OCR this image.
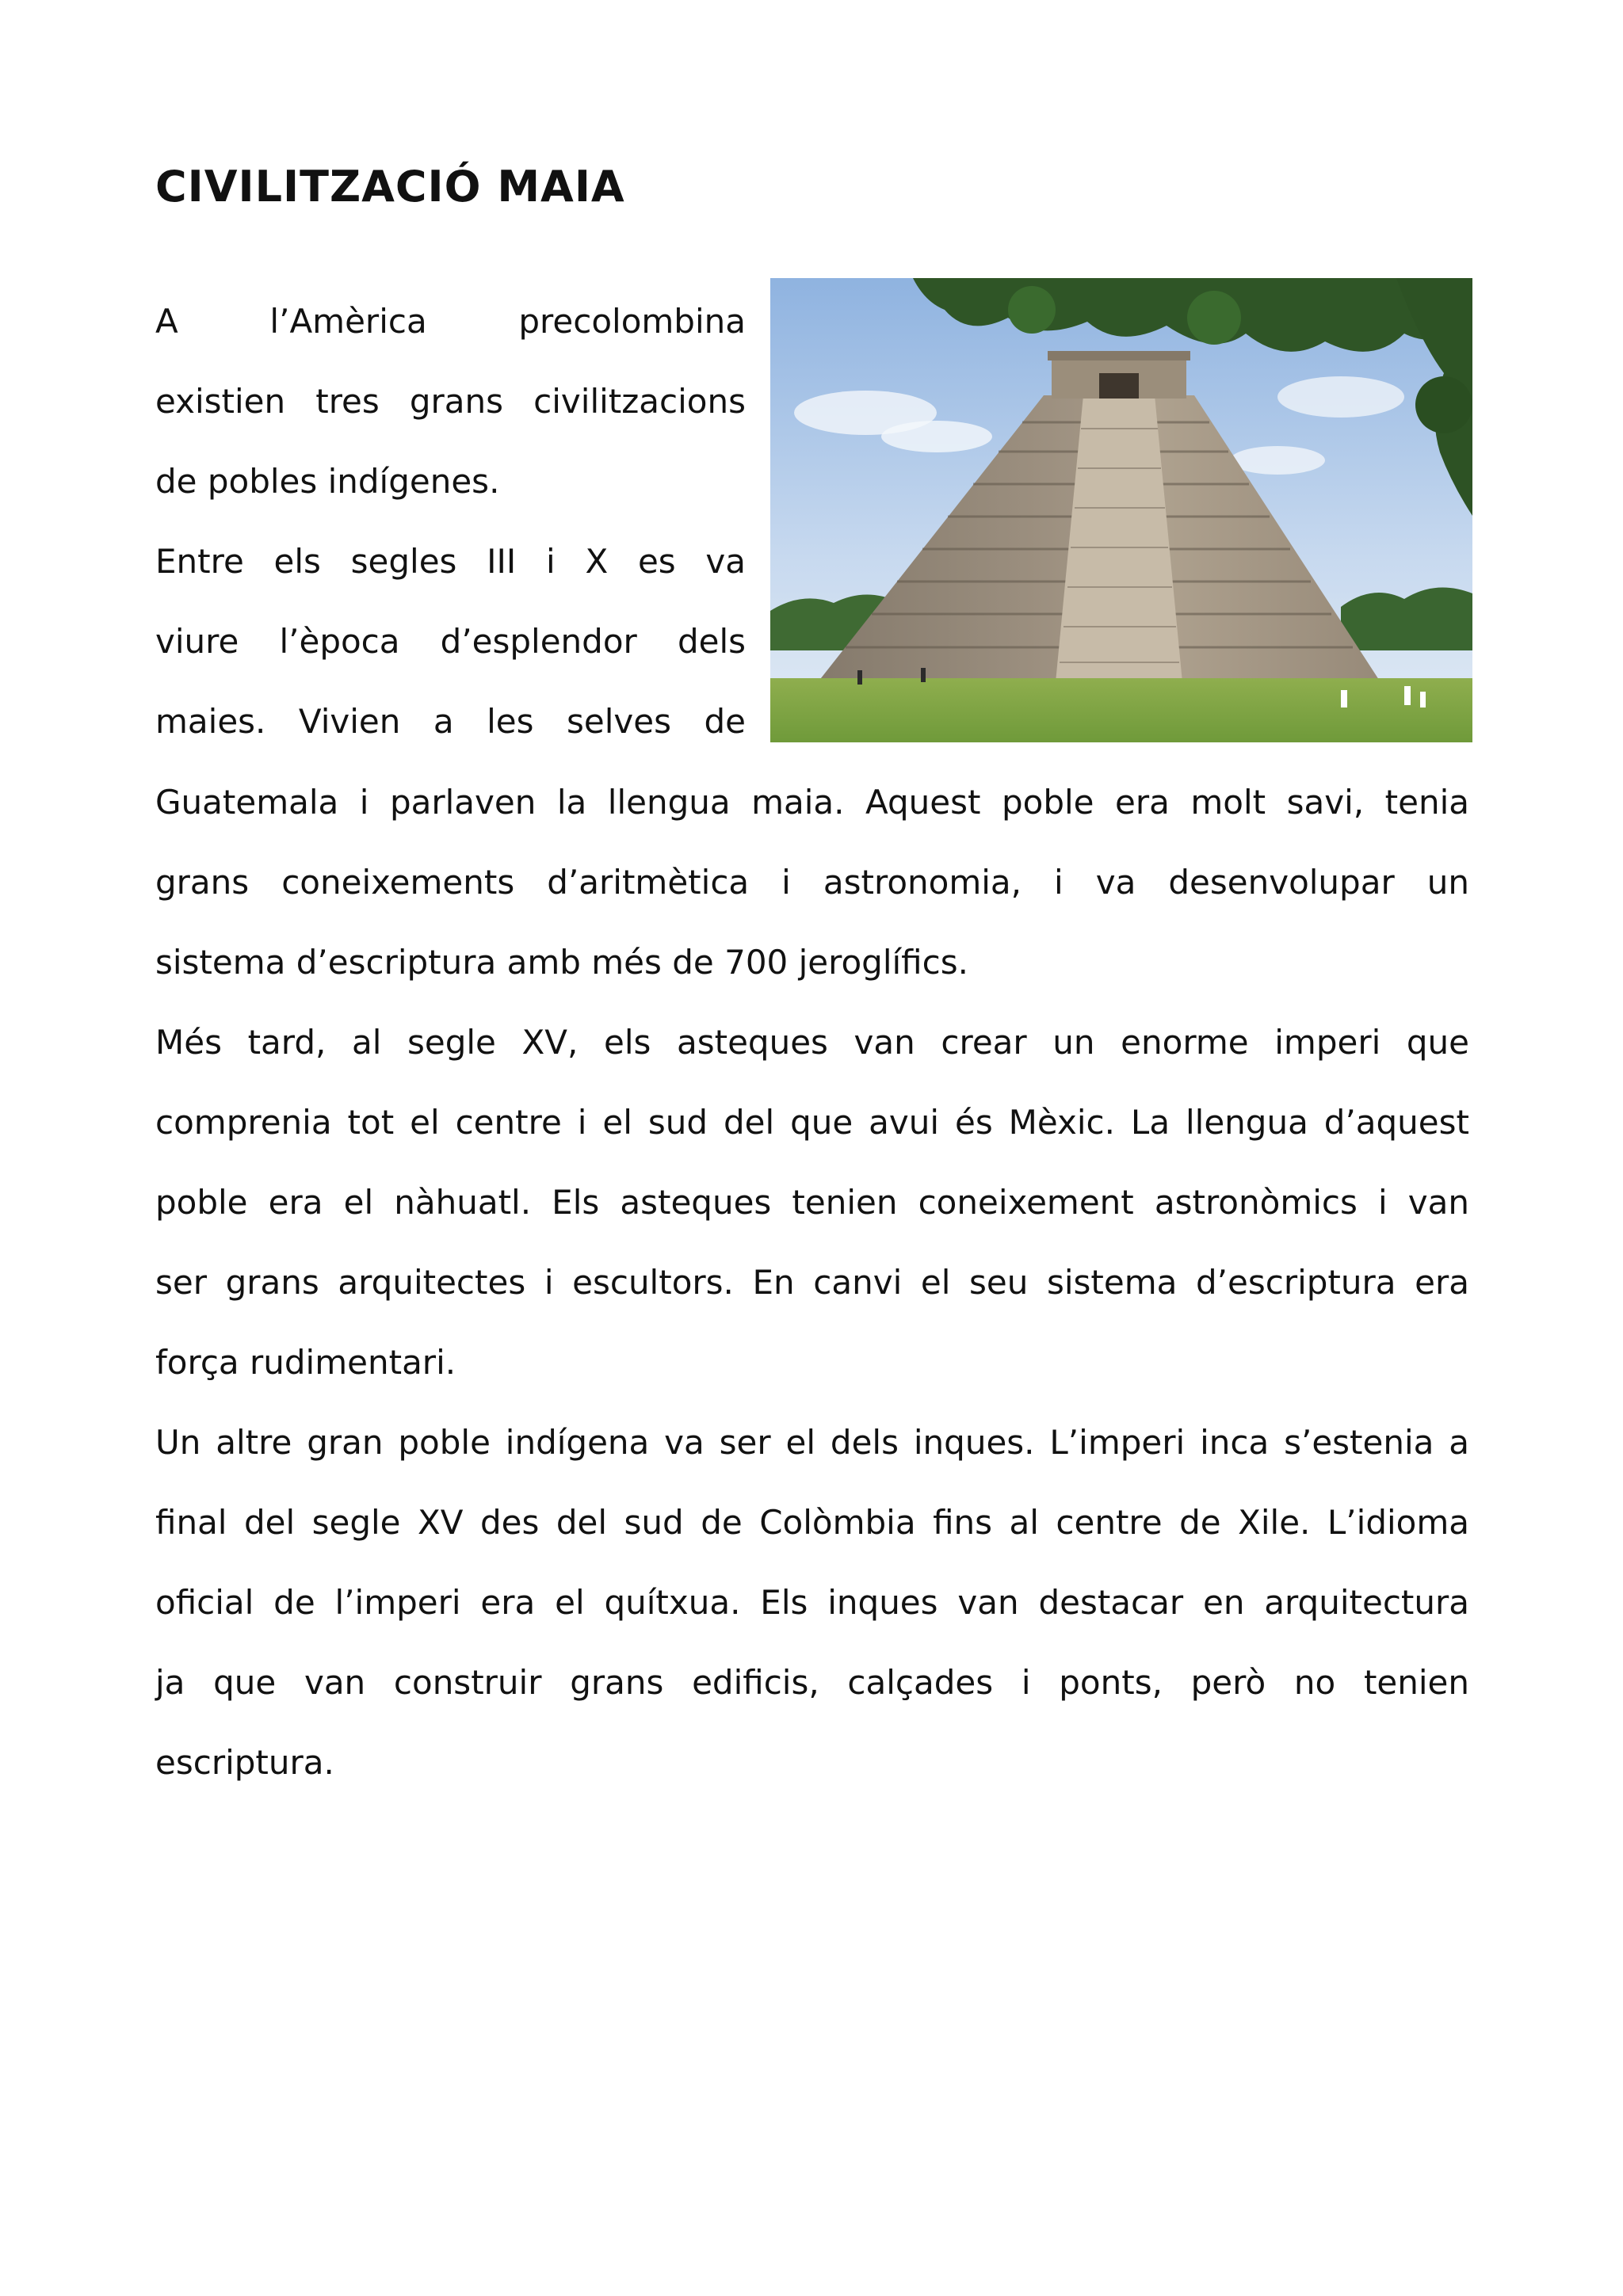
CIVILITZACIÓ MAIA
A l’Amèrica precolombina
existien tres grans civilitzacions
de pobles indígenes.
Entre els segles III i X es va
viure l’època d’esplendor dels
maies. Vivien a les selves de
Guatemala i parlaven la llengua maia. Aquest poble era molt savi, tenia
grans coneixements d’aritmètica i astronomia, i va desenvolupar un
sistema d’escriptura amb més de 700 jeroglífics.
Més tard, al segle XV, els asteques van crear un enorme imperi que
comprenia tot el centre i el sud del que avui és Mèxic. La llengua d’aquest
poble era el nàhuatl. Els asteques tenien coneixement astronòmics i van
ser grans arquitectes i escultors. En canvi el seu sistema d’escriptura era
força rudimentari.
Un altre gran poble indígena va ser el dels inques. L’imperi inca s’estenia a
final del segle XV des del sud de Colòmbia fins al centre de Xile. L’idioma
oficial de l’imperi era el quítxua. Els inques van destacar en arquitectura
ja que van construir grans edificis, calçades i ponts, però no tenien
escriptura.
